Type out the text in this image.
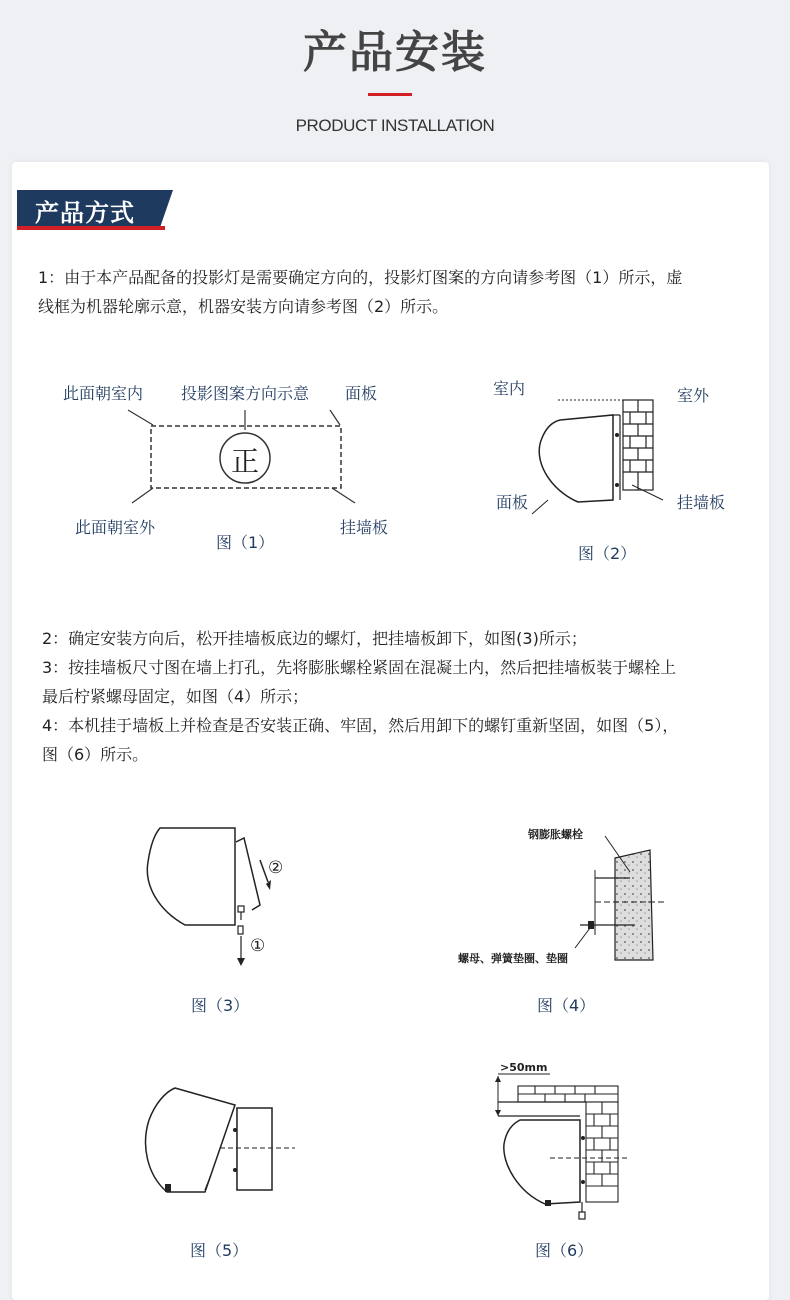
产品安装
PRODUCT INSTALLATION
产品方式
1：由于本产品配备的投影灯是需要确定方向的，投影灯图案的方向请参考图（1）所示，虚
线框为机器轮廓示意，机器安装方向请参考图（2）所示。
此面朝室内 投影图案方向示意 面板
此面朝室外	挂墙板
图（1）
正
室内	室外
面板	挂墙板
图（2）
2：确定安装方向后，松开挂墙板底边的螺灯，把挂墙板卸下，如图(3)所示；
3：按挂墙板尺寸图在墙上打孔，先将膨胀螺栓紧固在混凝土内，然后把挂墙板装于螺栓上
最后柠紧螺母固定，如图（4）所示；
4：本机挂于墙板上并检查是否安装正确、牢固，然后用卸下的螺钉重新坚固，如图（5），
图（6）所示。
②
①
图（3）
钢膨胀螺栓
螺母、弹簧垫圈、垫圈
图（4）
图（5）
>50mm
图（6）
